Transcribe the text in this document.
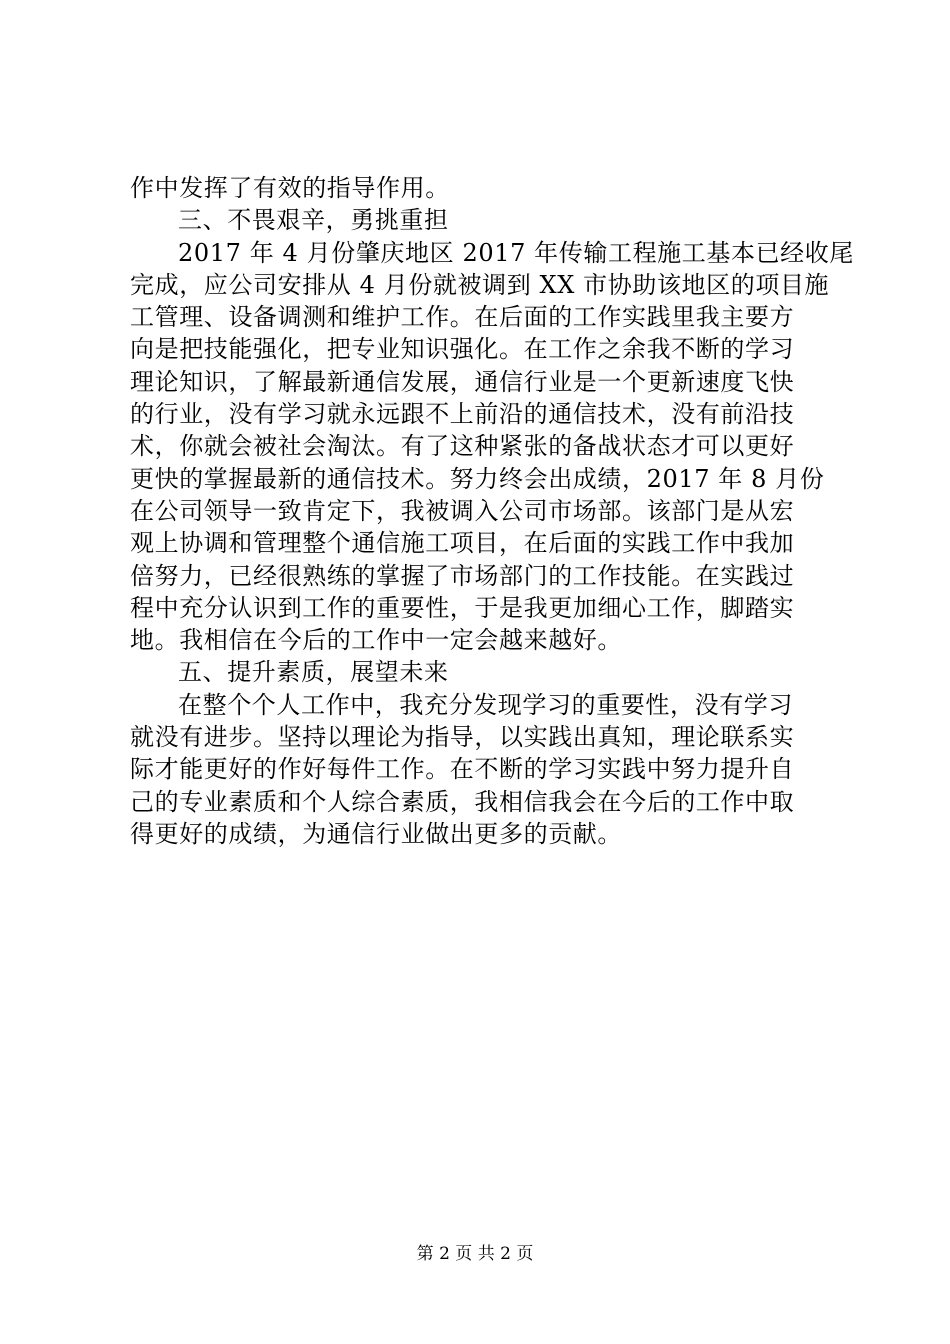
作中发挥了有效的指导作用。
三、不畏艰辛，勇挑重担
2017 年 4 月份肇庆地区 2017 年传输工程施工基本已经收尾
完成，应公司安排从 4 月份就被调到 XX 市协助该地区的项目施
工管理、设备调测和维护工作。在后面的工作实践里我主要方
向是把技能强化，把专业知识强化。在工作之余我不断的学习
理论知识，了解最新通信发展，通信行业是一个更新速度飞快
的行业，没有学习就永远跟不上前沿的通信技术，没有前沿技
术，你就会被社会淘汰。有了这种紧张的备战状态才可以更好
更快的掌握最新的通信技术。努力终会出成绩，2017 年 8 月份
在公司领导一致肯定下，我被调入公司市场部。该部门是从宏
观上协调和管理整个通信施工项目，在后面的实践工作中我加
倍努力，已经很熟练的掌握了市场部门的工作技能。在实践过
程中充分认识到工作的重要性，于是我更加细心工作，脚踏实
地。我相信在今后的工作中一定会越来越好。
五、提升素质，展望未来
在整个个人工作中，我充分发现学习的重要性，没有学习
就没有进步。坚持以理论为指导，以实践出真知，理论联系实
际才能更好的作好每件工作。在不断的学习实践中努力提升自
己的专业素质和个人综合素质，我相信我会在今后的工作中取
得更好的成绩，为通信行业做出更多的贡献。
第 2 页 共 2 页
